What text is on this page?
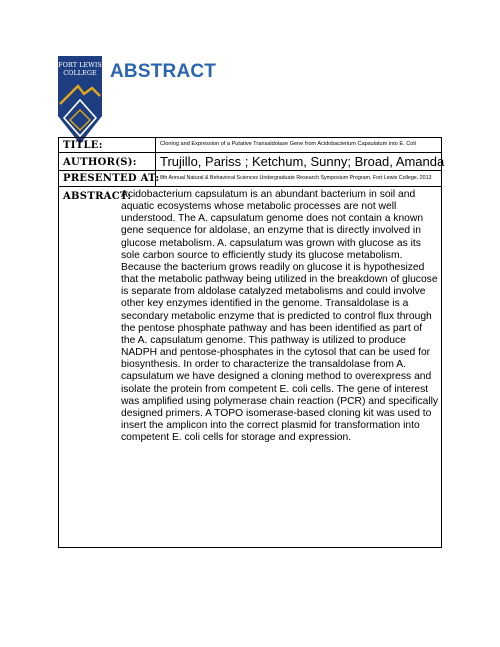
FORT LEWIS
COLLEGE ABSTRACT
TITLE:	Cloning and Expression of a Putative Transaldolase Gene from Acidobacterium Capsulatum into E. Coli
AUTHOR(S): Trujillo, Pariss ; Ketchum, Sunny; Broad, Amanda
PRESENTED AT: 8th Annual Natural & Behavioral Sciences Undergraduate Research Symposium Program, Fort Lewis College, 2013
ABSTRACT:
Acidobacterium capsulatum is an abundant bacterium in soil and aquatic ecosystems whose metabolic processes are not well understood. The A. capsulatum genome does not contain a known gene sequence for aldolase, an enzyme that is directly involved in glucose metabolism. A. capsulatum was grown with glucose as its sole carbon source to efficiently study its glucose metabolism. Because the bacterium grows readily on glucose it is hypothesized that the metabolic pathway being utilized in the breakdown of glucose is separate from aldolase catalyzed metabolisms and could involve other key enzymes identified in the genome. Transaldolase is a secondary metabolic enzyme that is predicted to control flux through the pentose phosphate pathway and has been identified as part of the A. capsulatum genome. This pathway is utilized to produce NADPH and pentose-phosphates in the cytosol that can be used for biosynthesis. In order to characterize the transaldolase from A. capsulatum we have designed a cloning method to overexpress and isolate the protein from competent E. coli cells. The gene of interest was amplified using polymerase chain reaction (PCR) and specifically designed primers. A TOPO isomerase-based cloning kit was used to insert the amplicon into the correct plasmid for transformation into competent E. coli cells for storage and expression.
